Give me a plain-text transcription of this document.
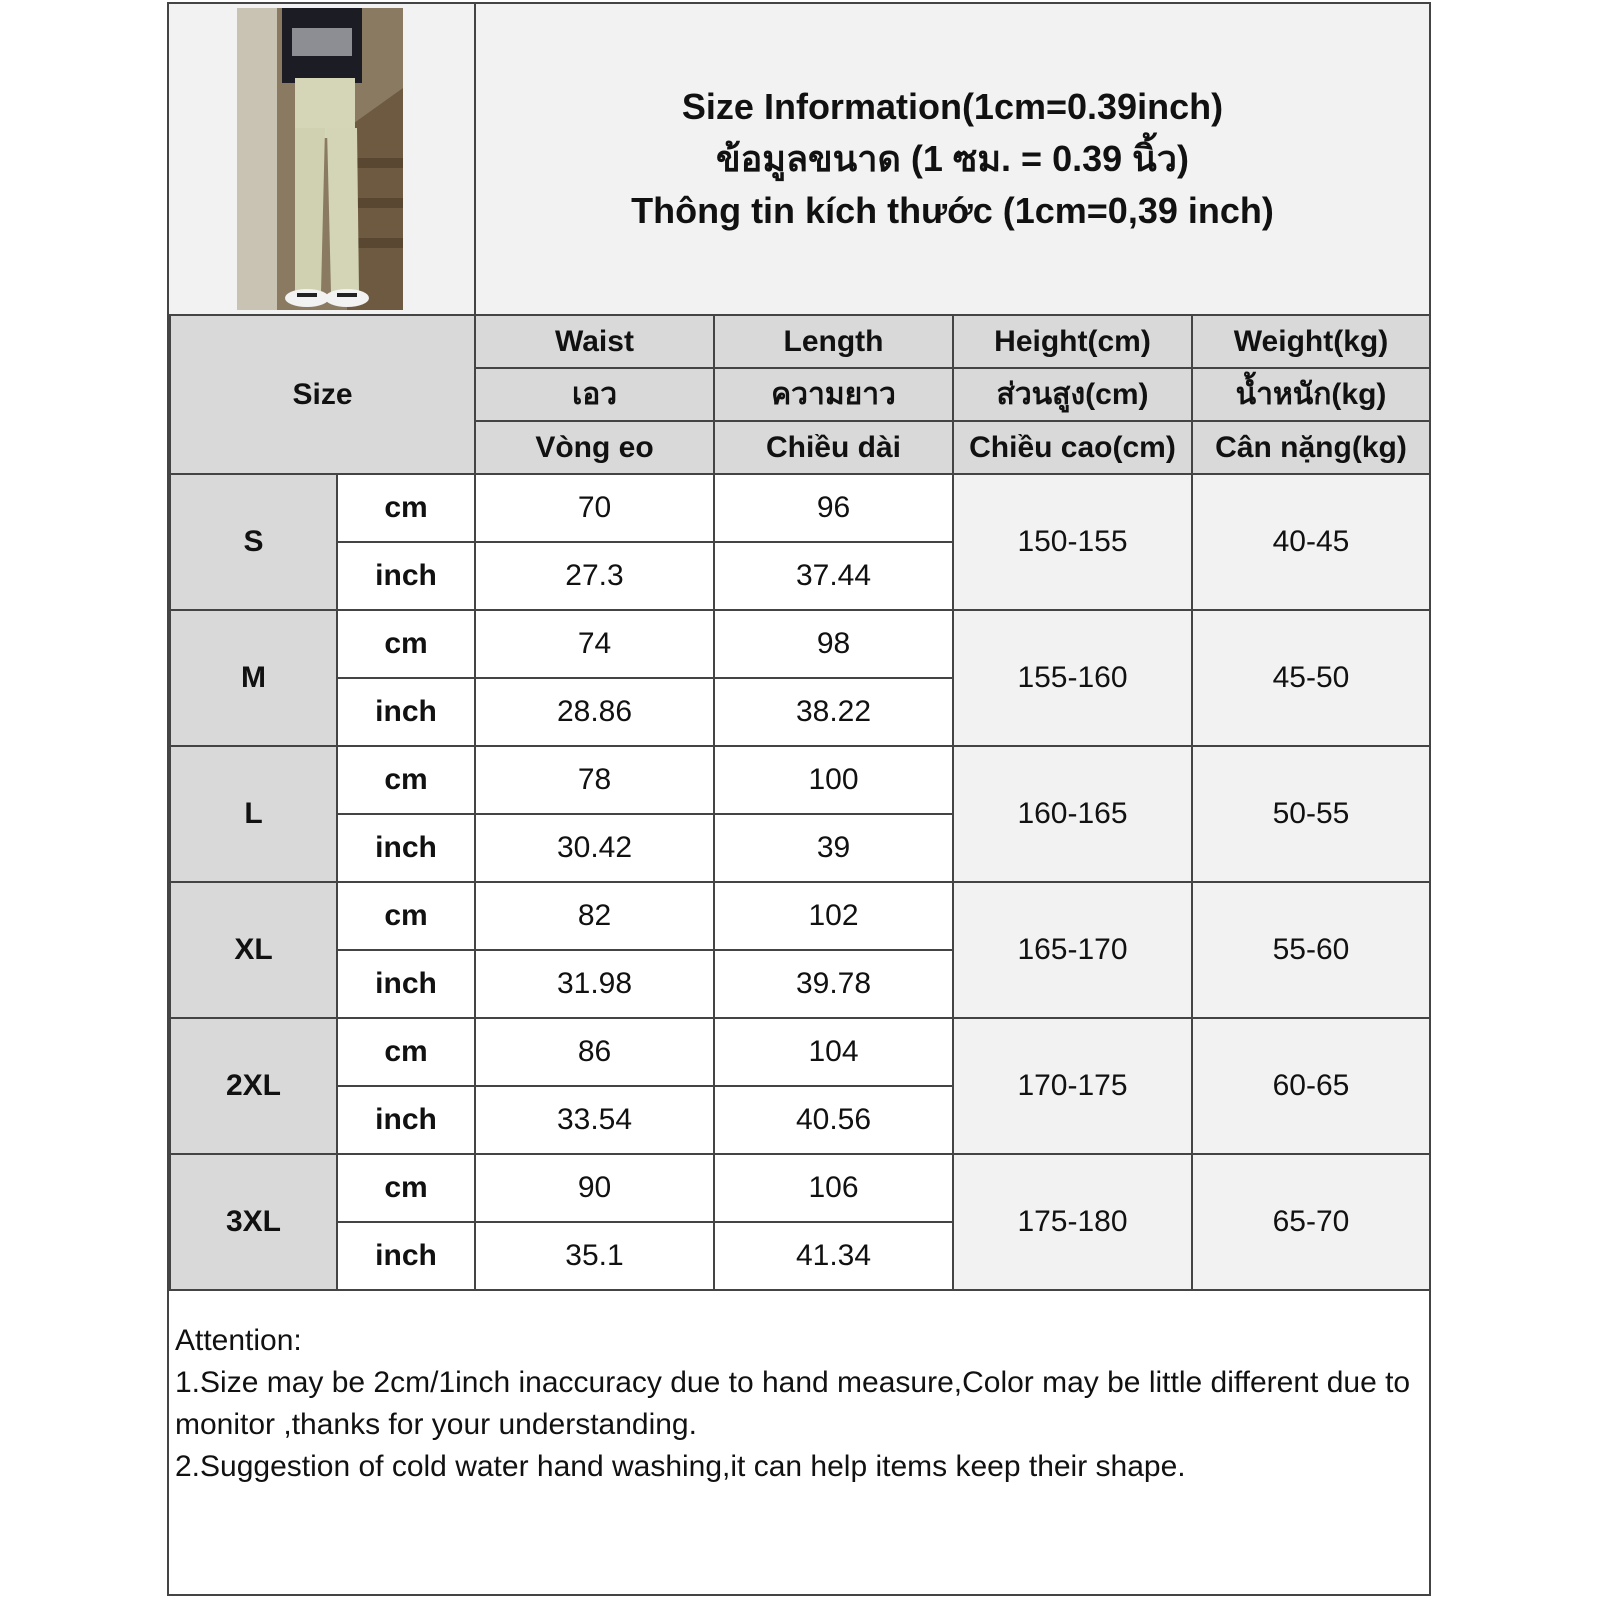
Size Information(1cm=0.39inch)
ข้อมูลขนาด (1 ซม. = 0.39 นิ้ว)
Thông tin kích thước (1cm=0,39 inch)
Size		Waist	Length	Height(cm)	Weight(kg)
		เอว	ความยาว	ส่วนสูง(cm)	น้ำหนัก(kg)
		Vòng eo	Chiều dài	Chiều cao(cm)	Cân nặng(kg)
S	cm	70	96	150-155	40-45
	inch	27.3	37.44		
M	cm	74	98	155-160	45-50
	inch	28.86	38.22		
L	cm	78	100	160-165	50-55
	inch	30.42	39		
XL	cm	82	102	165-170	55-60
	inch	31.98	39.78		
2XL	cm	86	104	170-175	60-65
	inch	33.54	40.56		
3XL	cm	90	106	175-180	65-70
	inch	35.1	41.34		
Attention:
1.Size may be 2cm/1inch inaccuracy due to hand measure,Color may be little different due to monitor ,thanks for your understanding.
2.Suggestion of cold water hand washing,it can help items keep their shape.
